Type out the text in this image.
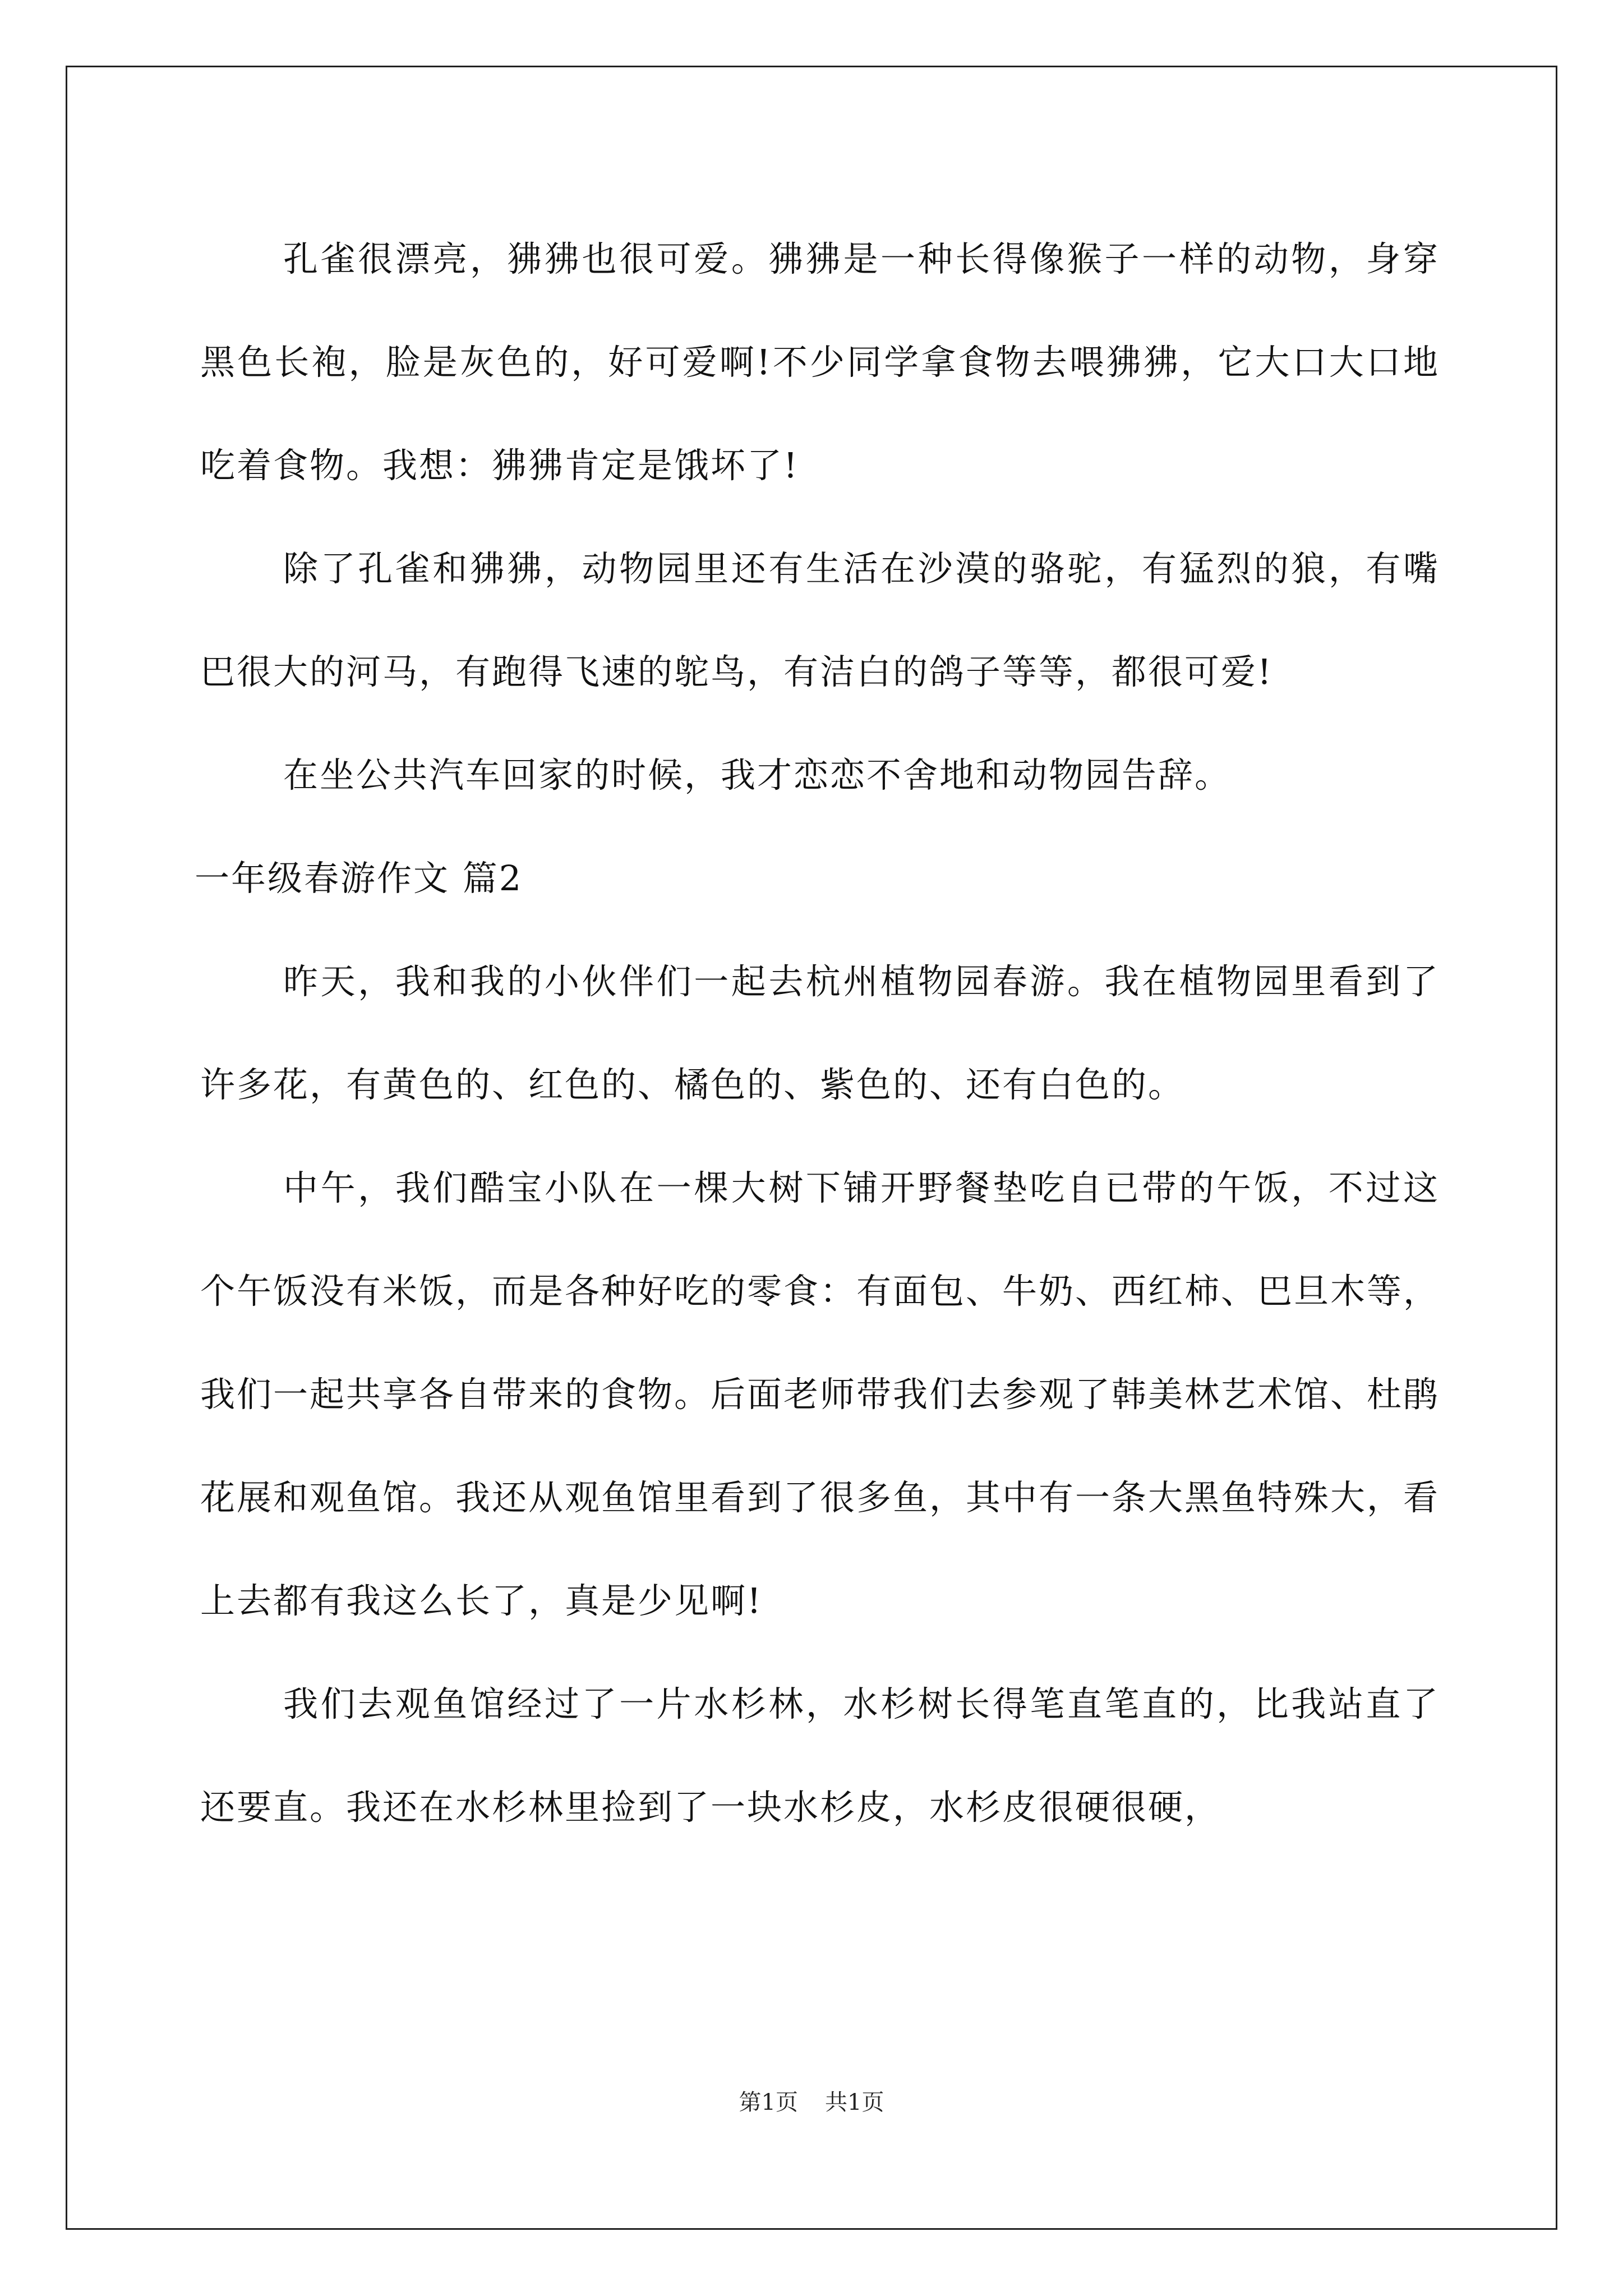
孔雀很漂亮，狒狒也很可爱。狒狒是一种长得像猴子一样的动物，身穿黑色长袍，脸是灰色的，好可爱啊!不少同学拿食物去喂狒狒，它大口大口地吃着食物。我想：狒狒肯定是饿坏了!

除了孔雀和狒狒，动物园里还有生活在沙漠的骆驼，有猛烈的狼，有嘴巴很大的河马，有跑得飞速的鸵鸟，有洁白的鸽子等等，都很可爱!

在坐公共汽车回家的时候，我才恋恋不舍地和动物园告辞。

一年级春游作文 篇2

昨天，我和我的小伙伴们一起去杭州植物园春游。我在植物园里看到了许多花，有黄色的、红色的、橘色的、紫色的、还有白色的。

中午，我们酷宝小队在一棵大树下铺开野餐垫吃自已带的午饭，不过这个午饭没有米饭，而是各种好吃的零食：有面包、牛奶、西红柿、巴旦木等，我们一起共享各自带来的食物。后面老师带我们去参观了韩美林艺术馆、杜鹃花展和观鱼馆。我还从观鱼馆里看到了很多鱼，其中有一条大黑鱼特殊大，看上去都有我这么长了，真是少见啊!

我们去观鱼馆经过了一片水杉林，水杉树长得笔直笔直的，比我站直了还要直。我还在水杉林里捡到了一块水杉皮，水杉皮很硬很硬，

第1页 共1页
